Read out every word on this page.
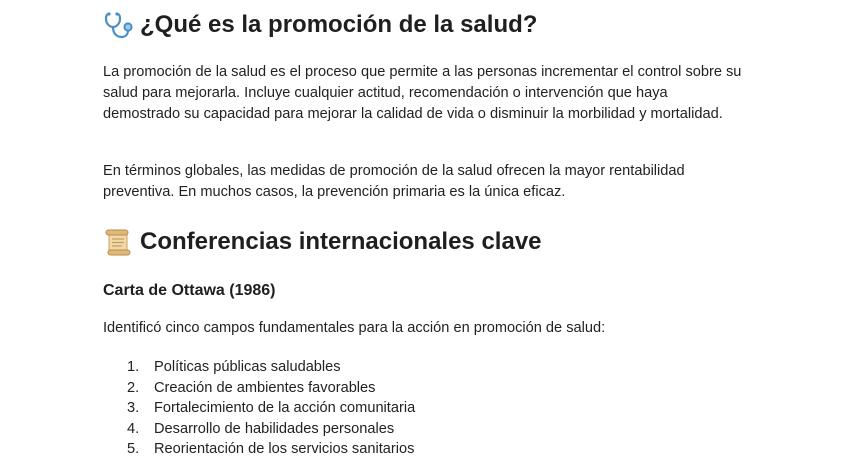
¿Qué es la promoción de la salud?
La promoción de la salud es el proceso que permite a las personas incrementar el control sobre su salud para mejorarla. Incluye cualquier actitud, recomendación o intervención que haya demostrado su capacidad para mejorar la calidad de vida o disminuir la morbilidad y mortalidad.
En términos globales, las medidas de promoción de la salud ofrecen la mayor rentabilidad preventiva. En muchos casos, la prevención primaria es la única eficaz.
Conferencias internacionales clave
Carta de Ottawa (1986)
Identificó cinco campos fundamentales para la acción en promoción de salud:
1. Políticas públicas saludables
2. Creación de ambientes favorables
3. Fortalecimiento de la acción comunitaria
4. Desarrollo de habilidades personales
5. Reorientación de los servicios sanitarios
